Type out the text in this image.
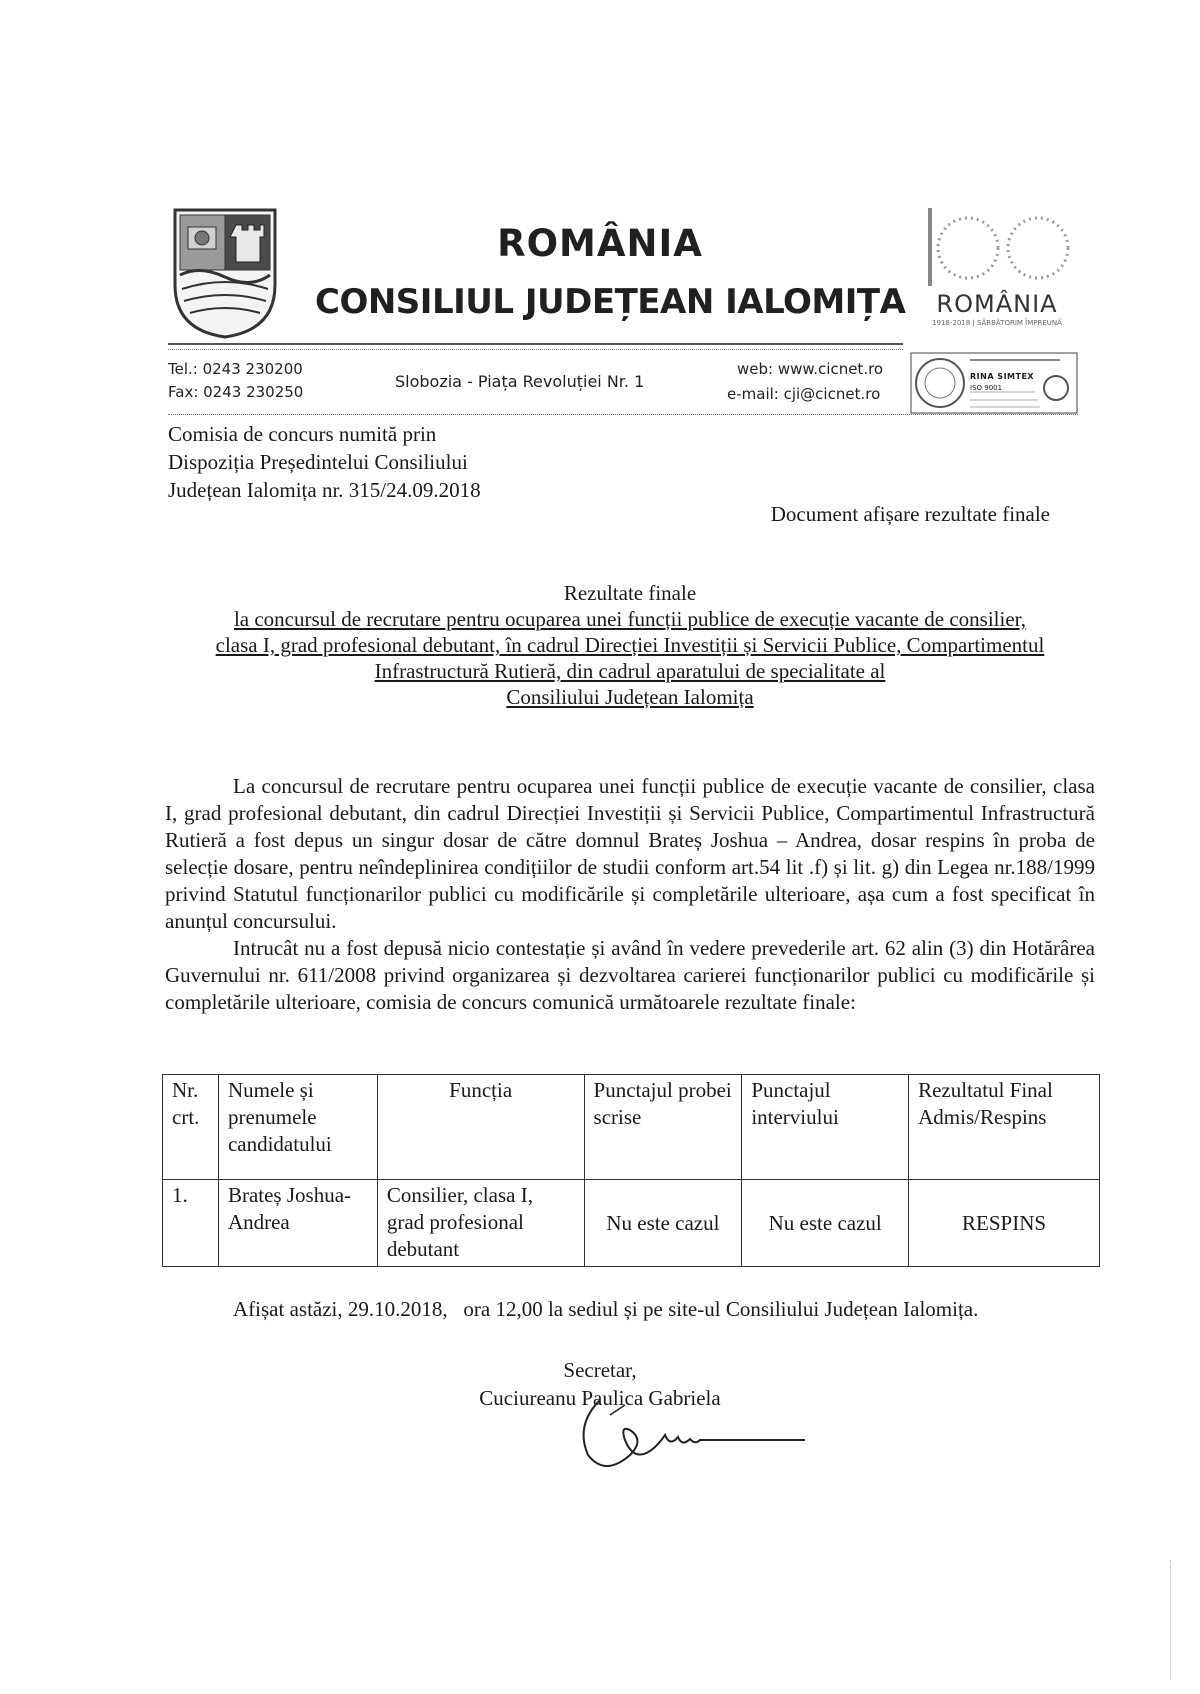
ROMÂNIA
CONSILIUL JUDEȚEAN IALOMIȚA	ROMÂNIA
1918-2018 | SĂRBĂTORIM ÎMPREUNĂ
Tel.: 0243 230200
Fax: 0243 230250
Slobozia - Piața Revoluției Nr. 1
web: www.cicnet.ro
e-mail: cji@cicnet.ro
RINA SIMTEX
ISO 9001
Comisia de concurs numită prin
Dispoziția Președintelui Consiliului
Județean Ialomița nr. 315/24.09.2018
Document afișare rezultate finale
Rezultate finale
la concursul de recrutare pentru ocuparea unei funcții publice de execuție vacante de consilier,
clasa I, grad profesional debutant, în cadrul Direcției Investiții și Servicii Publice, Compartimentul
Infrastructură Rutieră, din cadrul aparatului de specialitate al
Consiliului Județean Ialomița

La concursul de recrutare pentru ocuparea unei funcții publice de execuție vacante de consilier, clasa I, grad profesional debutant, din cadrul Direcției Investiții și Servicii Publice, Compartimentul Infrastructură Rutieră a fost depus un singur dosar de către domnul Brateș Joshua – Andrea, dosar respins în proba de selecție dosare, pentru neîndeplinirea condițiilor de studii conform art.54 lit .f) și lit. g) din Legea nr.188/1999 privind Statutul funcționarilor publici cu modificările și completările ulterioare, așa cum a fost specificat în anunțul concursului.

Intrucât nu a fost depusă nicio contestație și având în vedere prevederile art. 62 alin (3) din Hotărârea Guvernului nr. 611/2008 privind organizarea și dezvoltarea carierei funcționarilor publici cu modificările și completările ulterioare, comisia de concurs comunică următoarele rezultate finale:

Nr. crt.	Numele și prenumele candidatului	Funcția	Punctajul probei scrise	Punctajul interviului	Rezultatul Final Admis/Respins
1.	Brateș Joshua-Andrea	Consilier, clasa I, grad profesional debutant	Nu este cazul	Nu este cazul	RESPINS
Afișat astăzi, 29.10.2018,   ora 12,00 la sediul și pe site-ul Consiliului Județean Ialomița.
Secretar,
Cuciureanu Paulica Gabriela
